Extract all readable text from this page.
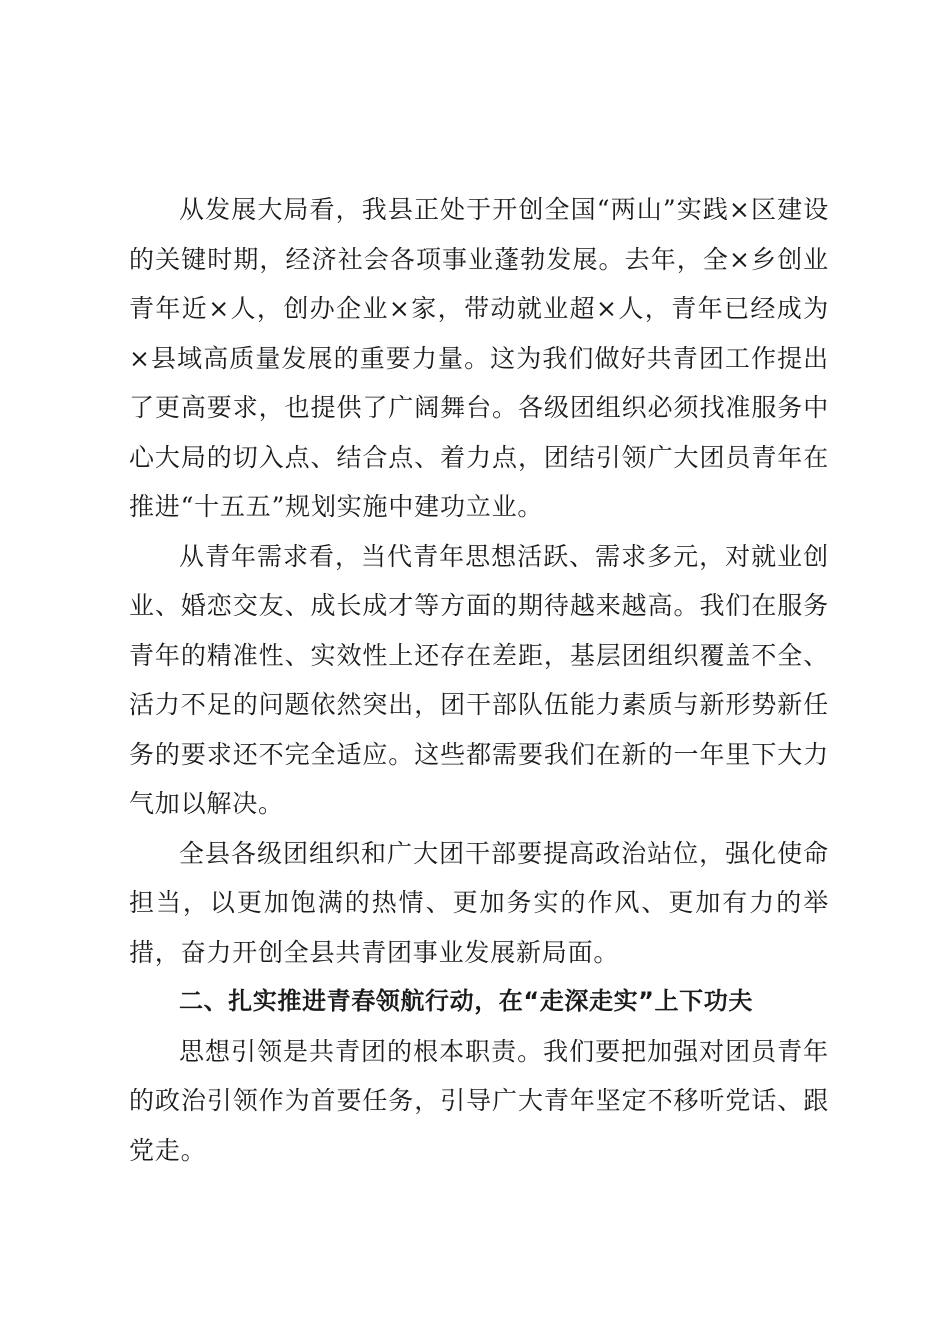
从发展大局看，我县正处于开创全国“两山”实践×区建设的关键时期，经济社会各项事业蓬勃发展。去年，全×乡创业青年近×人，创办企业×家，带动就业超×人，青年已经成为×县域高质量发展的重要力量。这为我们做好共青团工作提出了更高要求，也提供了广阔舞台。各级团组织必须找准服务中心大局的切入点、结合点、着力点，团结引领广大团员青年在推进“十五五”规划实施中建功立业。

从青年需求看，当代青年思想活跃、需求多元，对就业创业、婚恋交友、成长成才等方面的期待越来越高。我们在服务青年的精准性、实效性上还存在差距，基层团组织覆盖不全、活力不足的问题依然突出，团干部队伍能力素质与新形势新任务的要求还不完全适应。这些都需要我们在新的一年里下大力气加以解决。

全县各级团组织和广大团干部要提高政治站位，强化使命担当，以更加饱满的热情、更加务实的作风、更加有力的举措，奋力开创全县共青团事业发展新局面。

二、扎实推进青春领航行动，在“走深走实”上下功夫

思想引领是共青团的根本职责。我们要把加强对团员青年的政治引领作为首要任务，引导广大青年坚定不移听党话、跟党走。
